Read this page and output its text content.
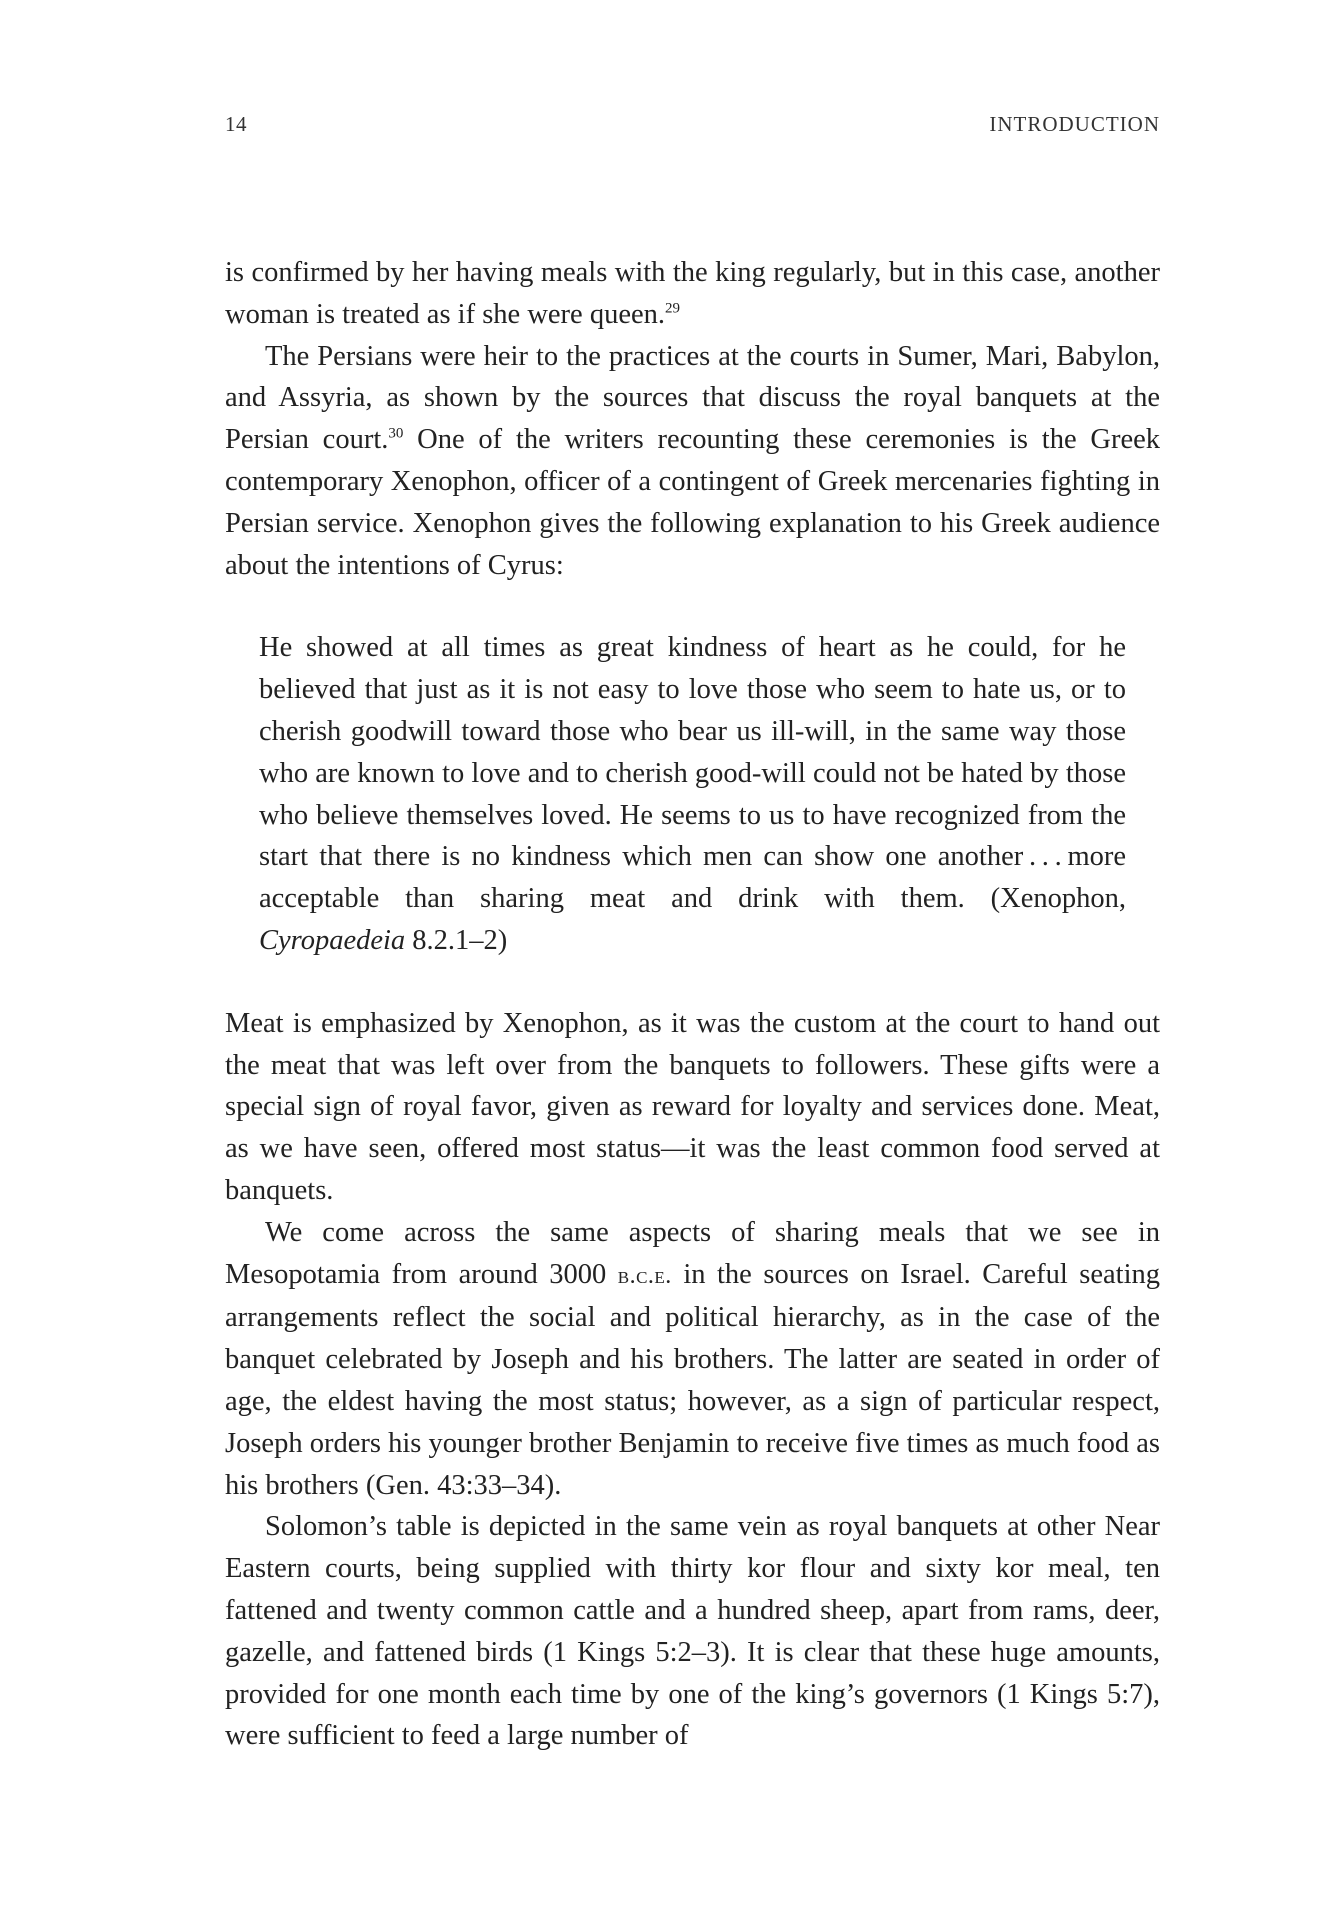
14	INTRODUCTION

is confirmed by her having meals with the king regularly, but in this case, another woman is treated as if she were queen.$^{29}$

The Persians were heir to the practices at the courts in Sumer, Mari, Babylon, and Assyria, as shown by the sources that discuss the royal banquets at the Persian court.$^{30}$ One of the writers recounting these ceremonies is the Greek contemporary Xenophon, officer of a contingent of Greek mercenaries fighting in Persian service. Xenophon gives the following explanation to his Greek audience about the intentions of Cyrus:

He showed at all times as great kindness of heart as he could, for he believed that just as it is not easy to love those who seem to hate us, or to cherish goodwill toward those who bear us ill-will, in the same way those who are known to love and to cherish good-will could not be hated by those who believe themselves loved. He seems to us to have recognized from the start that there is no kindness which men can show one another . . . more acceptable than sharing meat and drink with them. (Xenophon, Cyropaedeia 8.2.1–2)

Meat is emphasized by Xenophon, as it was the custom at the court to hand out the meat that was left over from the banquets to followers. These gifts were a special sign of royal favor, given as reward for loyalty and services done. Meat, as we have seen, offered most status—it was the least common food served at banquets.

We come across the same aspects of sharing meals that we see in Mesopotamia from around 3000 b.c.e. in the sources on Israel. Careful seating arrangements reflect the social and political hierarchy, as in the case of the banquet celebrated by Joseph and his brothers. The latter are seated in order of age, the eldest having the most status; however, as a sign of particular respect, Joseph orders his younger brother Benjamin to receive five times as much food as his brothers (Gen. 43:33–34).

Solomon’s table is depicted in the same vein as royal banquets at other Near Eastern courts, being supplied with thirty kor flour and sixty kor meal, ten fattened and twenty common cattle and a hundred sheep, apart from rams, deer, gazelle, and fattened birds (1 Kings 5:2–3). It is clear that these huge amounts, provided for one month each time by one of the king’s governors (1 Kings 5:7), were sufficient to feed a large number of
